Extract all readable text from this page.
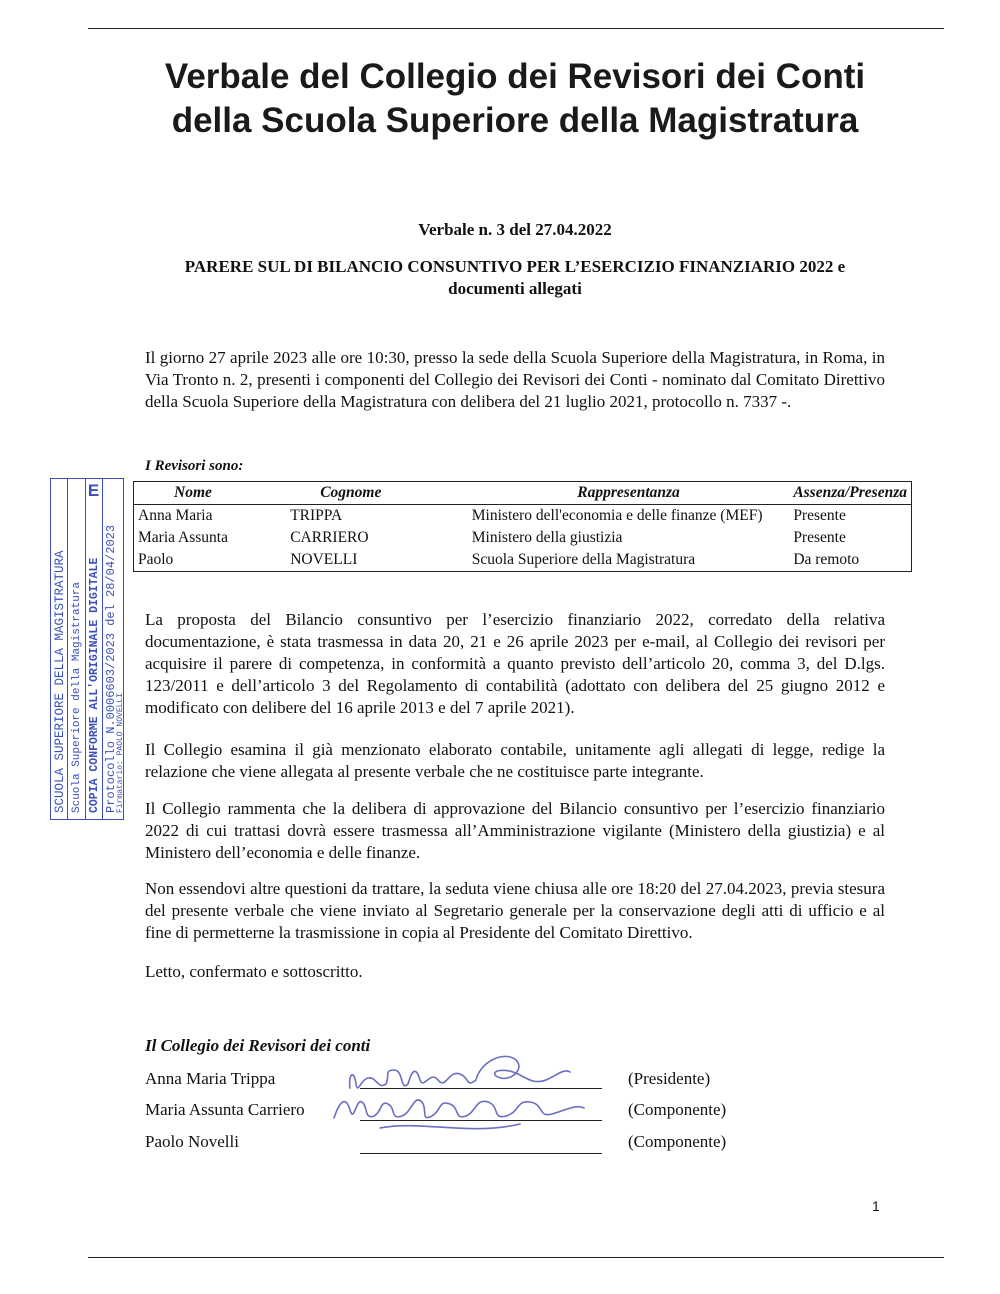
Verbale del Collegio dei Revisori dei Conti
della Scuola Superiore della Magistratura
Verbale n. 3 del 27.04.2022
PARERE SUL DI BILANCIO CONSUNTIVO PER L’ESERCIZIO FINANZIARIO 2022 e
documenti allegati
Il giorno 27 aprile 2023 alle ore 10:30, presso la sede della Scuola Superiore della Magistratura, in Roma, in Via Tronto n. 2, presenti i componenti del Collegio dei Revisori dei Conti - nominato dal Comitato Direttivo della Scuola Superiore della Magistratura con delibera del 21 luglio 2021, protocollo n. 7337 -.
I Revisori sono:
Nome	Cognome	Rappresentanza	Assenza/Presenza
Anna Maria	TRIPPA	Ministero dell'economia e delle finanze (MEF)	Presente
Maria Assunta	CARRIERO	Ministero della giustizia	Presente
Paolo	NOVELLI	Scuola Superiore della Magistratura	Da remoto
SCUOLA SUPERIORE DELLA MAGISTRATURA Scuola Superiore della Magistratura
E
COPIA CONFORME ALL'ORIGINALE DIGITALE Protocollo N.0006603/2023 del 28/04/2023
Firmatario: PAOLO NOVELLI
La proposta del Bilancio consuntivo per l’esercizio finanziario 2022, corredato della relativa documentazione, è stata trasmessa in data 20, 21 e 26 aprile 2023 per e-mail, al Collegio dei revisori per acquisire il parere di competenza, in conformità a quanto previsto dell’articolo 20, comma 3, del D.lgs. 123/2011 e dell’articolo 3 del Regolamento di contabilità (adottato con delibera del 25 giugno 2012 e modificato con delibere del 16 aprile 2013 e del 7 aprile 2021).
Il Collegio esamina il già menzionato elaborato contabile, unitamente agli allegati di legge, redige la relazione che viene allegata al presente verbale che ne costituisce parte integrante.
Il Collegio rammenta che la delibera di approvazione del Bilancio consuntivo per l’esercizio finanziario 2022 di cui trattasi dovrà essere trasmessa all’Amministrazione vigilante (Ministero della giustizia) e al Ministero dell’economia e delle finanze.
Non essendovi altre questioni da trattare, la seduta viene chiusa alle ore 18:20 del 27.04.2023, previa stesura del presente verbale che viene inviato al Segretario generale per la conservazione degli atti di ufficio e al fine di permetterne la trasmissione in copia al Presidente del Comitato Direttivo.
Letto, confermato e sottoscritto.
Il Collegio dei Revisori dei conti
Anna Maria Trippa	(Presidente)
Maria Assunta Carriero	(Componente)
Paolo Novelli	(Componente)
1
